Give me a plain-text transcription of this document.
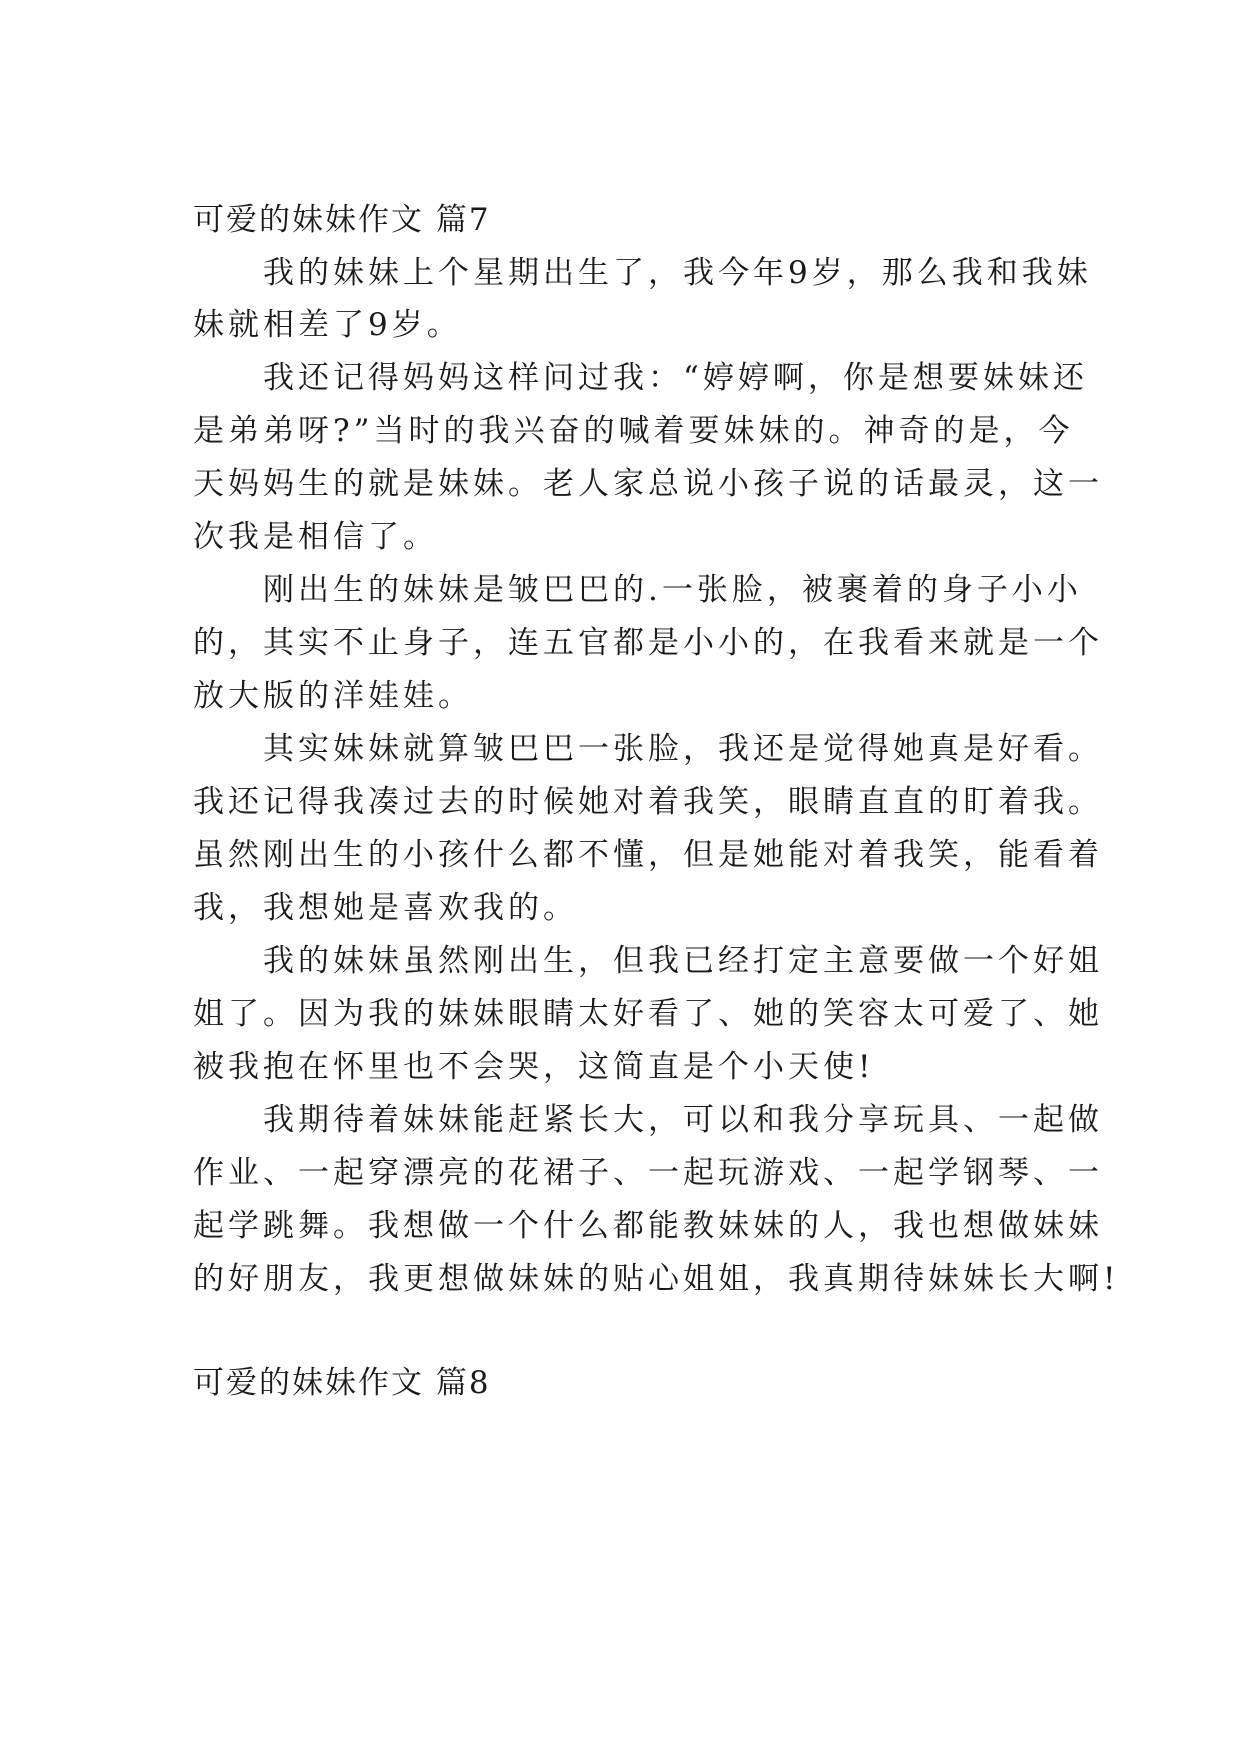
可爱的妹妹作文 篇7
　　我的妹妹上个星期出生了，我今年9岁，那么我和我妹
妹就相差了9岁。
　　我还记得妈妈这样问过我：“婷婷啊，你是想要妹妹还
是弟弟呀?”当时的我兴奋的喊着要妹妹的。神奇的是，今
天妈妈生的就是妹妹。老人家总说小孩子说的话最灵，这一
次我是相信了。
　　刚出生的妹妹是皱巴巴的.一张脸，被裹着的身子小小
的，其实不止身子，连五官都是小小的，在我看来就是一个
放大版的洋娃娃。
　　其实妹妹就算皱巴巴一张脸，我还是觉得她真是好看。
我还记得我凑过去的时候她对着我笑，眼睛直直的盯着我。
虽然刚出生的小孩什么都不懂，但是她能对着我笑，能看着
我，我想她是喜欢我的。
　　我的妹妹虽然刚出生，但我已经打定主意要做一个好姐
姐了。因为我的妹妹眼睛太好看了、她的笑容太可爱了、她
被我抱在怀里也不会哭，这简直是个小天使!
　　我期待着妹妹能赶紧长大，可以和我分享玩具、一起做
作业、一起穿漂亮的花裙子、一起玩游戏、一起学钢琴、一
起学跳舞。我想做一个什么都能教妹妹的人，我也想做妹妹
的好朋友，我更想做妹妹的贴心姐姐，我真期待妹妹长大啊!
可爱的妹妹作文 篇8
